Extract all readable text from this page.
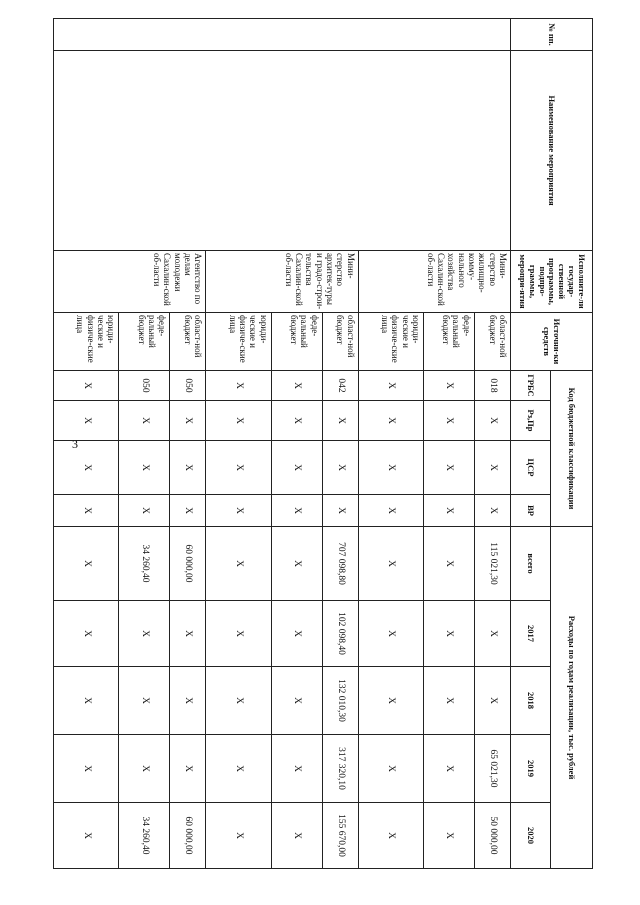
3
№ пп.	Наименование мероприятия	Исполните-ли государ-ственной программы, подпро-граммы, меропри-ятия	Источни-ки средств	Код бюджетной классификации				Расходы по годам реализации, тыс. рублей				
				ГРБС	Рз,Пр	ЦСР	ВР	всего	2017	2018	2019	2020
		Мини-стерство жилищно-комму-нального хозяйства Сахалин-ской об-ласти	област-ной бюджет	018	X	X	X	115 021,30	X	X	65 021,30	50 000,00
			феде-ральный бюджет	X	X	X	X	X	X	X	X	X
			юриди-ческие и физиче-ские лица	X	X	X	X	X	X	X	X	X
		Мини-стерство архитек-туры и градо-строи-тельства Сахалин-ской об-ласти	област-ной бюджет	042	X	X	X	707 098,80	102 098,40	132 010,30	317 320,10	155 670,00
			феде-ральный бюджет	X	X	X	X	X	X	X	X	X
			юриди-ческие и физиче-ские лица	X	X	X	X	X	X	X	X	X
		Агентство по делам молодежи Сахалин-ской об-ласти	област-ной бюджет	050	X	X	X	60 000,00	X	X	X	60 000,00
			феде-ральный бюджет	050	X	X	X	34 260,40	X	X	X	34 260,40
			юриди-ческие и физиче-ские лица	X	X	X	X	X	X	X	X	X
